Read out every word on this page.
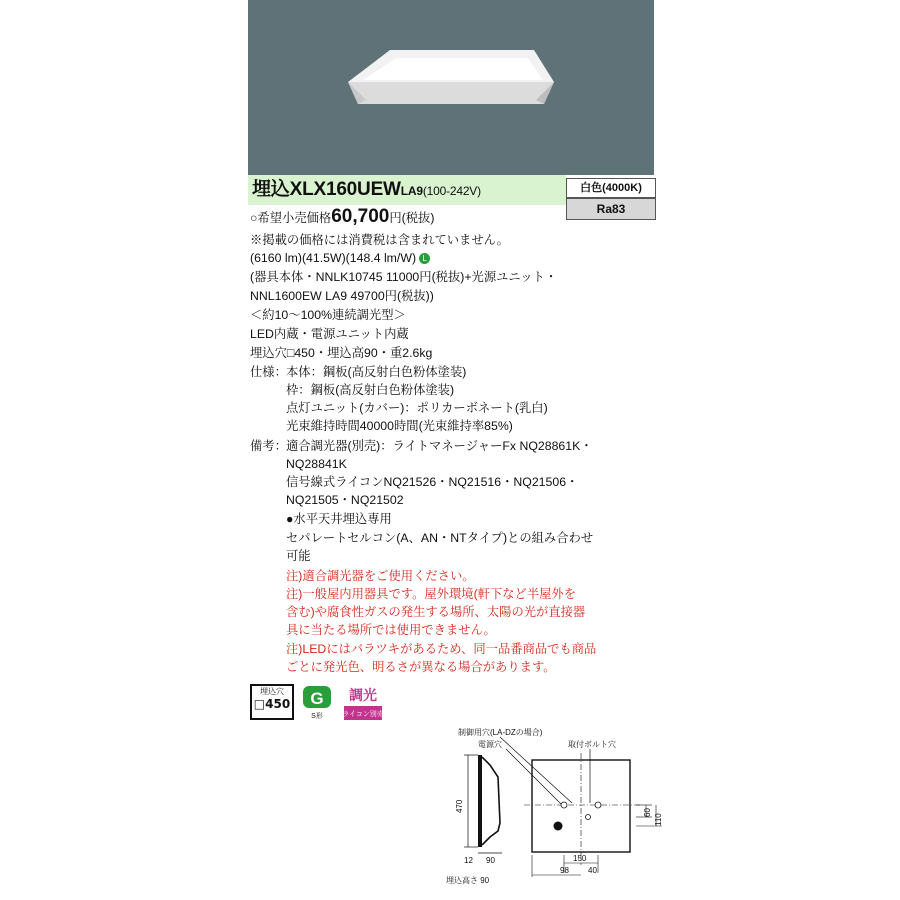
埋込XLX160UEWLA9(100-242V)	白色(4000K)
Ra83
○希望小売価格60,700円(税抜)
※掲載の価格には消費税は含まれていません。
(6160 lm)(41.5W)(148.4 lm/W) L
(器具本体・NNLK10745 11000円(税抜)+光源ユニット・
NNL1600EW LA9 49700円(税抜))
＜約10～100%連続調光型＞
LED内蔵・電源ユニット内蔵
埋込穴□450・埋込高90・重2.6kg
仕様： 本体：鋼板(高反射白色粉体塗装)
枠：鋼板(高反射白色粉体塗装)
点灯ユニット(カバー)：ポリカーボネート(乳白)
光束維持時間40000時間(光束維持率85%)
備考： 適合調光器(別売)：ライトマネージャーFx NQ28861K・
NQ28841K
信号線式ライコンNQ21526・NQ21516・NQ21506・
NQ21505・NQ21502
●水平天井埋込専用
セパレートセルコン(A、AN・NTタイプ)との組み合わせ
可能
注)適合調光器をご使用ください。
注)一般屋内用器具です。屋外環境(軒下など半屋外を
含む)や腐食性ガスの発生する場所、太陽の光が直接器
具に当たる場所では使用できません。
注)LEDにはバラツキがあるため、同一品番商品でも商品
ごとに発光色、明るさが異なる場合があります。
埋込穴
□450 G
S形
調光
ライコン別売
制御用穴(LA-DZの場合)
電源穴	取付ボルト穴
470
12 90
60
110
150
98 40
埋込高さ 90
